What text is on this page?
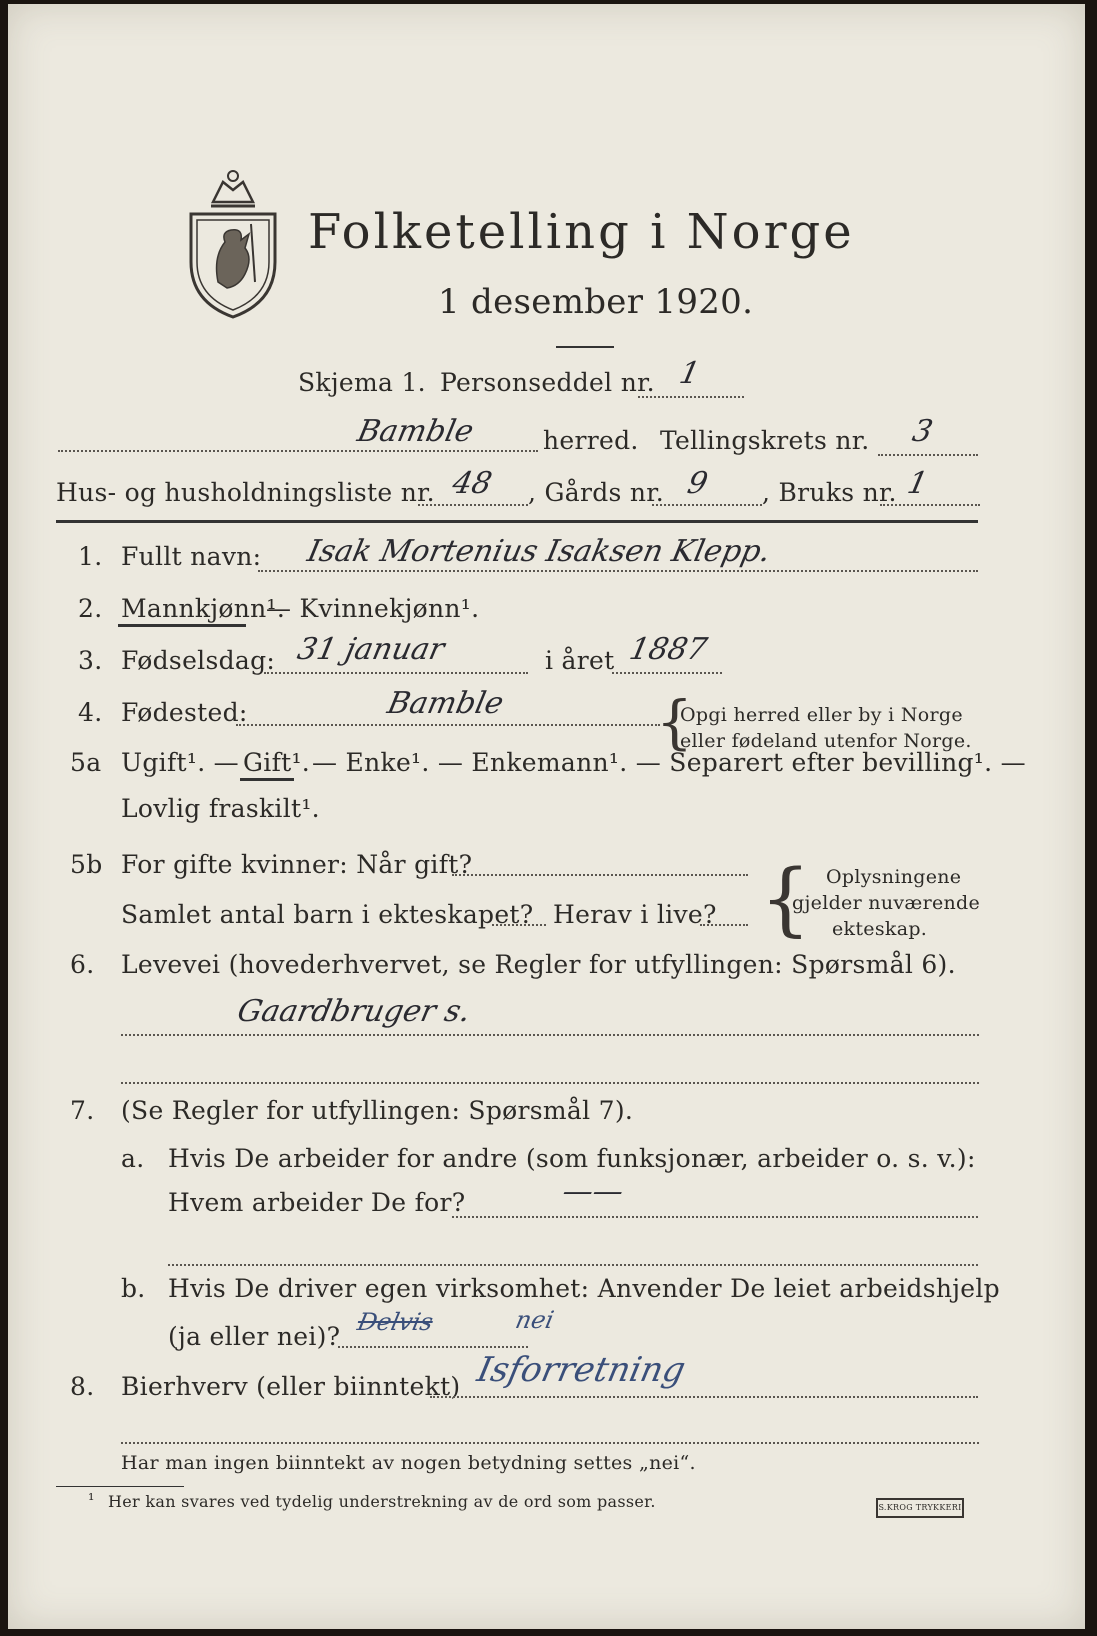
Folketelling i Norge
1 desember 1920.
Skjema 1. Personseddel nr. 1
Bamble	herred. Tellingskrets nr. 3
Hus- og husholdningsliste nr. 48 , Gårds nr. 9 , Bruks nr. 1
1. Fullt navn: Isak Mortenius Isaksen Klepp.
2. Mannkjønn¹.
— Kvinnekjønn¹.
3. Fødselsdag: 31 januar	i året 1887
4. Fødested:	Bamble	{
Opgi herred eller by i Norge
eller fødeland utenfor Norge.
5a Ugift¹. — Gift¹. — Enke¹. — Enkemann¹. — Separert efter bevilling¹. —
Lovlig fraskilt¹.
5b For gifte kvinner: Når gift?
Samlet antal barn i ekteskapet? Herav i live? { Oplysningene
gjelder nuværende
ekteskap.
6. Levevei (hovederhvervet, se Regler for utfyllingen: Spørsmål 6).
Gaardbruger s.
7. (Se Regler for utfyllingen: Spørsmål 7).
a. Hvis De arbeider for andre (som funksjonær, arbeider o. s. v.):
Hvem arbeider De for?	——
b. Hvis De driver egen virksomhet: Anvender De leiet arbeidshjelp
(ja eller nei)? Delvis	nei
8. Bierhverv (eller biinntekt) Isforretning
Har man ingen biinntekt av nogen betydning settes „nei“.
¹ Her kan svares ved tydelig understrekning av de ord som passer.	S.KROG TRYKKERI
